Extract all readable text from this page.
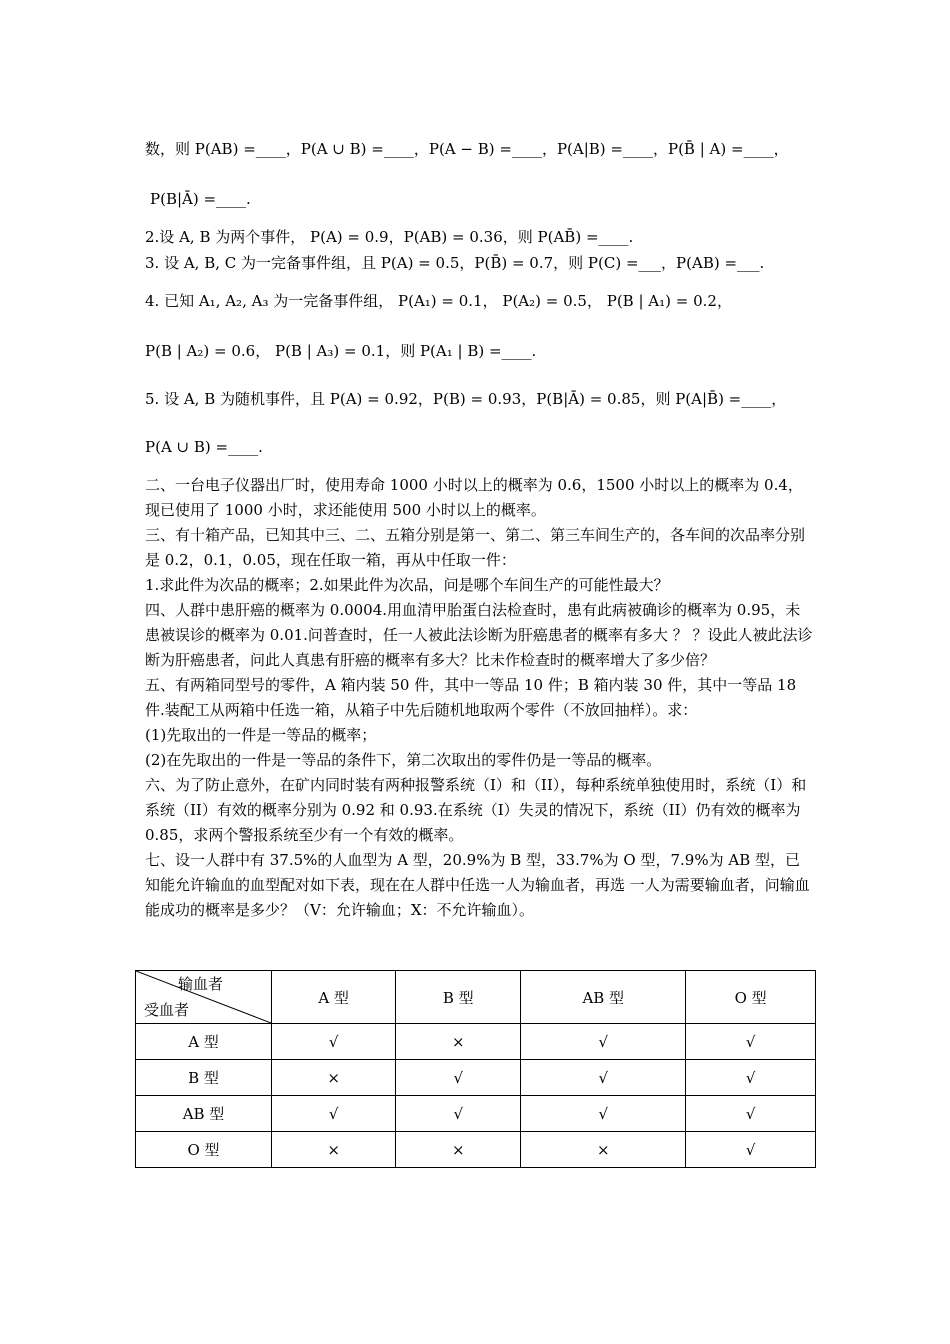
数，则 P(AB) =____，P(A ∪ B) =____，P(A − B) =____，P(A|B) =____，P(B̄ | A) =____，
P(B|Ā) =____.
2.设 A, B 为两个事件， P(A) = 0.9，P(AB) = 0.36，则 P(AB̄) =____.
3. 设 A, B, C 为一完备事件组，且 P(A) = 0.5，P(B̄) = 0.7，则 P(C) =___，P(AB) =___.
4. 已知 A₁, A₂, A₃ 为一完备事件组， P(A₁) = 0.1， P(A₂) = 0.5， P(B | A₁) = 0.2，
P(B | A₂) = 0.6， P(B | A₃) = 0.1，则 P(A₁ | B) =____.
5. 设 A, B 为随机事件，且 P(A) = 0.92，P(B) = 0.93，P(B|Ā) = 0.85，则 P(A|B̄) =____，
P(A ∪ B) =____.

二、一台电子仪器出厂时，使用寿命 1000 小时以上的概率为 0.6，1500 小时以上的概率为 0.4，现已使用了 1000 小时，求还能使用 500 小时以上的概率。

三、有十箱产品，已知其中三、二、五箱分别是第一、第二、第三车间生产的，各车间的次品率分别是 0.2，0.1，0.05，现在任取一箱，再从中任取一件：

1.求此件为次品的概率；2.如果此件为次品，问是哪个车间生产的可能性最大？

四、人群中患肝癌的概率为 0.0004.用血清甲胎蛋白法检查时，患有此病被确诊的概率为 0.95，未患被误诊的概率为 0.01.问普查时，任一人被此法诊断为肝癌患者的概率有多大 ？ ？设此人被此法诊断为肝癌患者，问此人真患有肝癌的概率有多大？比未作检查时的概率增大了多少倍？

五、有两箱同型号的零件，A 箱内装 50 件，其中一等品 10 件；B 箱内装 30 件，其中一等品 18 件.装配工从两箱中任选一箱，从箱子中先后随机地取两个零件（不放回抽样）。求：

(1)先取出的一件是一等品的概率；

(2)在先取出的一件是一等品的条件下，第二次取出的零件仍是一等品的概率。

六、为了防止意外，在矿内同时装有两种报警系统（I）和（II），每种系统单独使用时，系统（I）和系统（II）有效的概率分别为 0.92 和 0.93.在系统（I）失灵的情况下，系统（II）仍有效的概率为 0.85，求两个警报系统至少有一个有效的概率。

七、设一人群中有 37.5%的人血型为 A 型，20.9%为 B 型，33.7%为 O 型，7.9%为 AB 型，已知能允许输血的血型配对如下表，现在在人群中任选一人为输血者，再选 一人为需要输血者，问输血能成功的概率是多少？（V：允许输血；X：不允许输血）。

输血者
受血者	A 型	B 型	AB 型	O 型
A 型	√	×	√	√
B 型	×	√	√	√
AB 型	√	√	√	√
O 型	×	×	×	√
